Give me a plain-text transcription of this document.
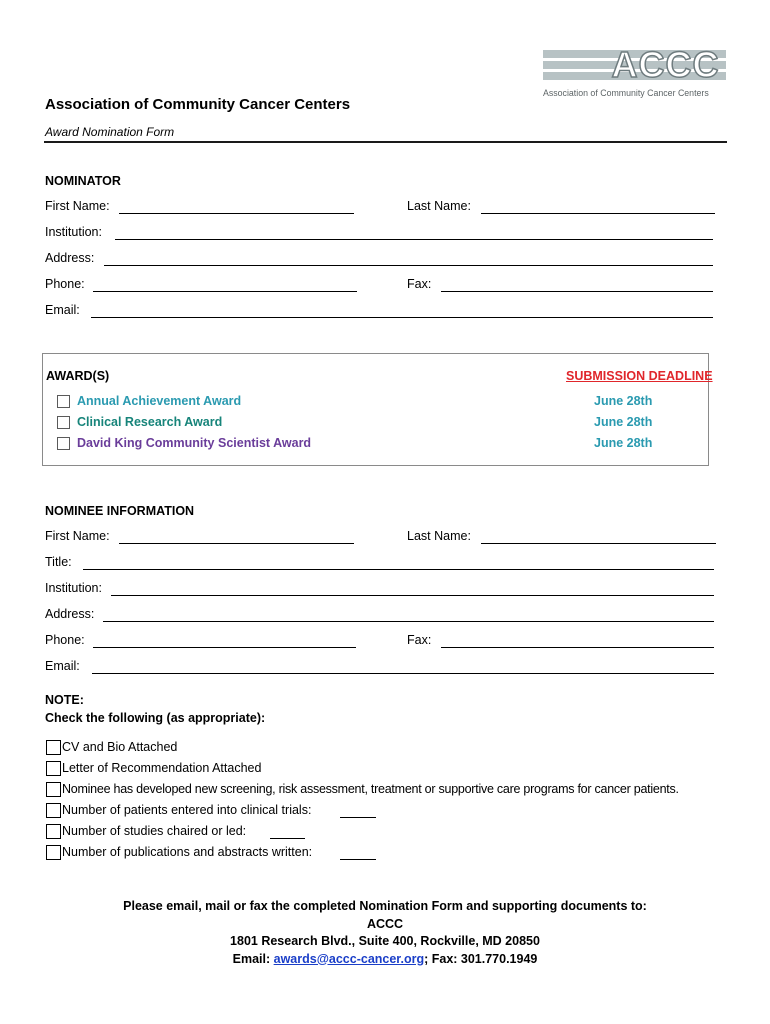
ACCC
Association of Community Cancer Centers
Association of Community Cancer Centers
Award Nomination Form
NOMINATOR
First Name:	Last Name:
Institution:
Address:
Phone:	Fax:
Email:
AWARD(S)	SUBMISSION DEADLINE
Annual Achievement Award	June 28th
Clinical Research Award	June 28th
David King Community Scientist Award	June 28th
NOMINEE INFORMATION
First Name:	Last Name:
Title:
Institution:
Address:
Phone:	Fax:
Email:
NOTE:
Check the following (as appropriate):
CV and Bio Attached
Letter of Recommendation Attached
Nominee has developed new screening, risk assessment, treatment or supportive care programs for cancer patients.
Number of patients entered into clinical trials:
Number of studies chaired or led:
Number of publications and abstracts written:
Please email, mail or fax the completed Nomination Form and supporting documents to:
ACCC
1801 Research Blvd., Suite 400, Rockville, MD 20850
Email: awards@accc-cancer.org; Fax: 301.770.1949
